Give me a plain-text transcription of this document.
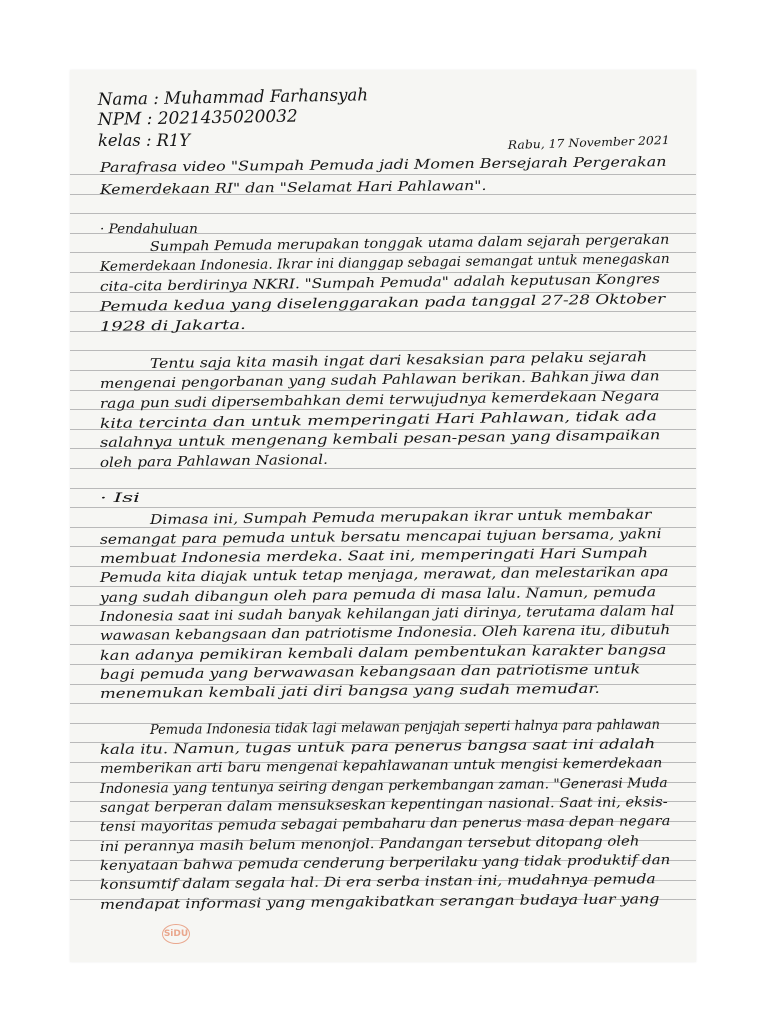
Nama : Muhammad Farhansyah
NPM : 2021435020032
kelas : R1Y	Rabu, 17 November 2021
Parafrasa video "Sumpah Pemuda jadi Momen Bersejarah Pergerakan
Kemerdekaan RI" dan "Selamat Hari Pahlawan".
· Pendahuluan
Sumpah Pemuda merupakan tonggak utama dalam sejarah pergerakan
Kemerdekaan Indonesia. Ikrar ini dianggap sebagai semangat untuk menegaskan
cita-cita berdirinya NKRI. "Sumpah Pemuda" adalah keputusan Kongres
Pemuda kedua yang diselenggarakan pada tanggal 27-28 Oktober
1928 di Jakarta.
Tentu saja kita masih ingat dari kesaksian para pelaku sejarah
mengenai pengorbanan yang sudah Pahlawan berikan. Bahkan jiwa dan
raga pun sudi dipersembahkan demi terwujudnya kemerdekaan Negara
kita tercinta dan untuk memperingati Hari Pahlawan, tidak ada
salahnya untuk mengenang kembali pesan-pesan yang disampaikan
oleh para Pahlawan Nasional.
· Isi
Dimasa ini, Sumpah Pemuda merupakan ikrar untuk membakar
semangat para pemuda untuk bersatu mencapai tujuan bersama, yakni
membuat Indonesia merdeka. Saat ini, memperingati Hari Sumpah
Pemuda kita diajak untuk tetap menjaga, merawat, dan melestarikan apa
yang sudah dibangun oleh para pemuda di masa lalu. Namun, pemuda
Indonesia saat ini sudah banyak kehilangan jati dirinya, terutama dalam hal
wawasan kebangsaan dan patriotisme Indonesia. Oleh karena itu, dibutuh
kan adanya pemikiran kembali dalam pembentukan karakter bangsa
bagi pemuda yang berwawasan kebangsaan dan patriotisme untuk
menemukan kembali jati diri bangsa yang sudah memudar.
Pemuda Indonesia tidak lagi melawan penjajah seperti halnya para pahlawan
kala itu. Namun, tugas untuk para penerus bangsa saat ini adalah
memberikan arti baru mengenai kepahlawanan untuk mengisi kemerdekaan
Indonesia yang tentunya seiring dengan perkembangan zaman. "Generasi Muda
sangat berperan dalam mensukseskan kepentingan nasional. Saat ini, eksis-
tensi mayoritas pemuda sebagai pembaharu dan penerus masa depan negara
ini perannya masih belum menonjol. Pandangan tersebut ditopang oleh
kenyataan bahwa pemuda cenderung berperilaku yang tidak produktif dan
konsumtif dalam segala hal. Di era serba instan ini, mudahnya pemuda
mendapat informasi yang mengakibatkan serangan budaya luar yang
SiDU
